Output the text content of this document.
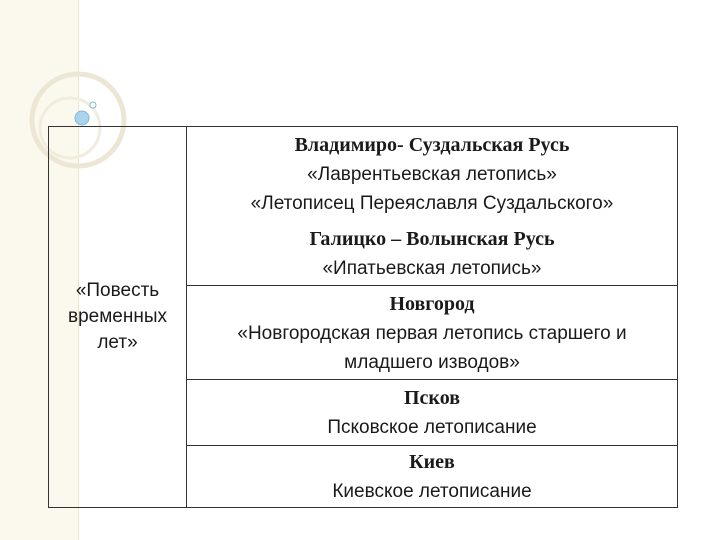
«Повесть
временных
лет»
Владимиро- Суздальская Русь
«Лаврентьевская летопись»
«Летописец Переяславля Суздальского»
Галицко – Волынская Русь
«Ипатьевская летопись»
Новгород
«Новгородская первая летопись старшего и
младшего изводов»
Псков
Псковское летописание
Киев
Киевское летописание
